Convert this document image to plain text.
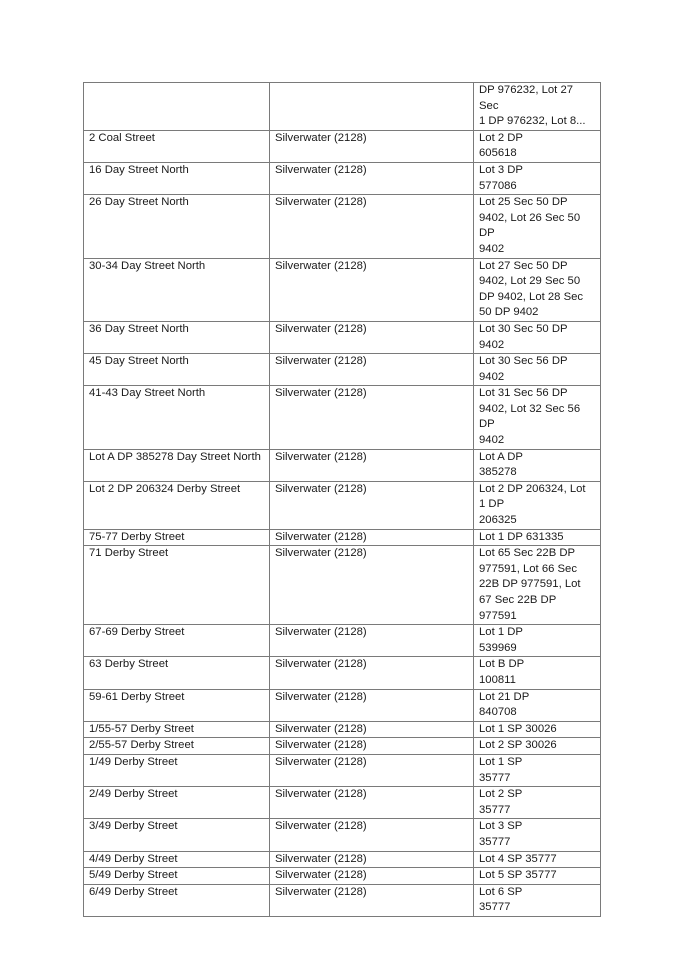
		DP 976232, Lot 27 Sec
1 DP 976232, Lot 8...
2 Coal Street	Silverwater (2128)	Lot 2 DP
605618
16 Day Street North	Silverwater (2128)	Lot 3 DP
577086
26 Day Street North	Silverwater (2128)	Lot 25 Sec 50 DP
9402, Lot 26 Sec 50
DP
9402
30-34 Day Street North	Silverwater (2128)	Lot 27 Sec 50 DP
9402, Lot 29 Sec 50
DP 9402, Lot 28 Sec
50 DP 9402
36 Day Street North	Silverwater (2128)	Lot 30 Sec 50 DP 9402
45 Day Street North	Silverwater (2128)	Lot 30 Sec 56 DP 9402
41-43 Day Street North	Silverwater (2128)	Lot 31 Sec 56 DP
9402, Lot 32 Sec 56
DP
9402
Lot A DP 385278 Day Street North	Silverwater (2128)	Lot A DP
385278
Lot 2 DP 206324 Derby Street	Silverwater (2128)	Lot 2 DP 206324, Lot
1 DP
206325
75-77 Derby Street	Silverwater (2128)	Lot 1 DP 631335
71 Derby Street	Silverwater (2128)	Lot 65 Sec 22B DP
977591, Lot 66 Sec
22B DP 977591, Lot
67 Sec 22B DP
977591
67-69 Derby Street	Silverwater (2128)	Lot 1 DP
539969
63 Derby Street	Silverwater (2128)	Lot B DP
100811
59-61 Derby Street	Silverwater (2128)	Lot 21 DP
840708
1/55-57 Derby Street	Silverwater (2128)	Lot 1 SP 30026
2/55-57 Derby Street	Silverwater (2128)	Lot 2 SP 30026
1/49 Derby Street	Silverwater (2128)	Lot 1 SP
35777
2/49 Derby Street	Silverwater (2128)	Lot 2 SP
35777
3/49 Derby Street	Silverwater (2128)	Lot 3 SP
35777
4/49 Derby Street	Silverwater (2128)	Lot 4 SP 35777
5/49 Derby Street	Silverwater (2128)	Lot 5 SP 35777
6/49 Derby Street	Silverwater (2128)	Lot 6 SP
35777
